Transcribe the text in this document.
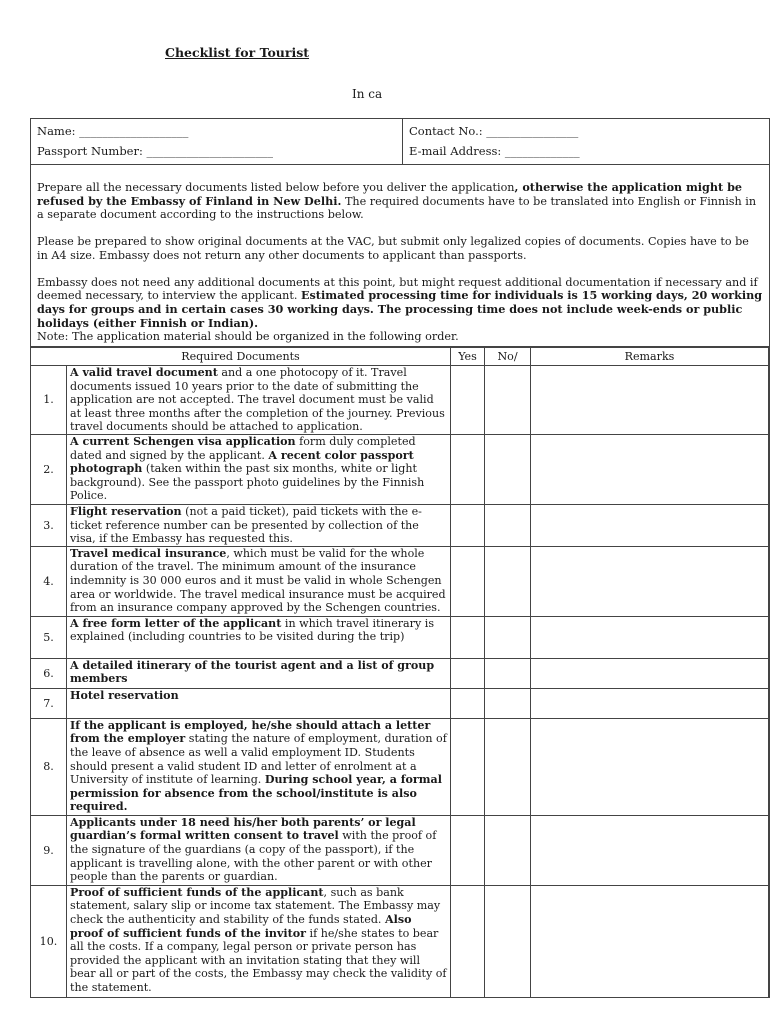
Checklist for Tourist
In ca
Name: ___________________
Passport Number: ______________________
Contact No.: ________________
E-mail Address: _____________

Prepare all the necessary documents listed below before you deliver the application, otherwise the application might be refused by the Embassy of Finland in New Delhi. The required documents have to be translated into English or Finnish in a separate document according to the instructions below.

Please be prepared to show original documents at the VAC, but submit only legalized copies of documents. Copies have to be in A4 size. Embassy does not return any other documents to applicant than passports.

Embassy does not need any additional documents at this point, but might request additional documentation if necessary and if deemed necessary, to interview the applicant. Estimated processing time for individuals is 15 working days, 20 working days for groups and in certain cases 30 working days. The processing time does not include week-ends or public holidays (either Finnish or Indian).
Note: The application material should be organized in the following order.

Required Documents		Yes	No/	Remarks
1.	A valid travel document and a one photocopy of it. Travel documents issued 10 years prior to the date of submitting the application are not accepted. The travel document must be valid at least three months after the completion of the journey. Previous travel documents should be attached to application.			
2.	A current Schengen visa application form duly completed dated and signed by the applicant. A recent color passport photograph (taken within the past six months, white or light background). See the passport photo guidelines by the Finnish Police.			
3.	Flight reservation (not a paid ticket), paid tickets with the e-ticket reference number can be presented by collection of the visa, if the Embassy has requested this.			
4.	Travel medical insurance, which must be valid for the whole duration of the travel. The minimum amount of the insurance indemnity is 30 000 euros and it must be valid in whole Schengen area or worldwide. The travel medical insurance must be acquired from an insurance company approved by the Schengen countries.			
5.	A free form letter of the applicant in which travel itinerary is explained (including countries to be visited during the trip)			
6.	A detailed itinerary of the tourist agent and a list of group members			
7.	Hotel reservation			
8.	If the applicant is employed, he/she should attach a letter from the employer stating the nature of employment, duration of the leave of absence as well a valid employment ID. Students should present a valid student ID and letter of enrolment at a University of institute of learning. During school year, a formal permission for absence from the school/institute is also required.			
9.	Applicants under 18 need his/her both parents’ or legal guardian’s formal written consent to travel with the proof of the signature of the guardians (a copy of the passport), if the applicant is travelling alone, with the other parent or with other people than the parents or guardian.			
10.	Proof of sufficient funds of the applicant, such as bank statement, salary slip or income tax statement. The Embassy may check the authenticity and stability of the funds stated. Also proof of sufficient funds of the invitor if he/she states to bear all the costs. If a company, legal person or private person has provided the applicant with an invitation stating that they will bear all or part of the costs, the Embassy may check the validity of the statement.			
